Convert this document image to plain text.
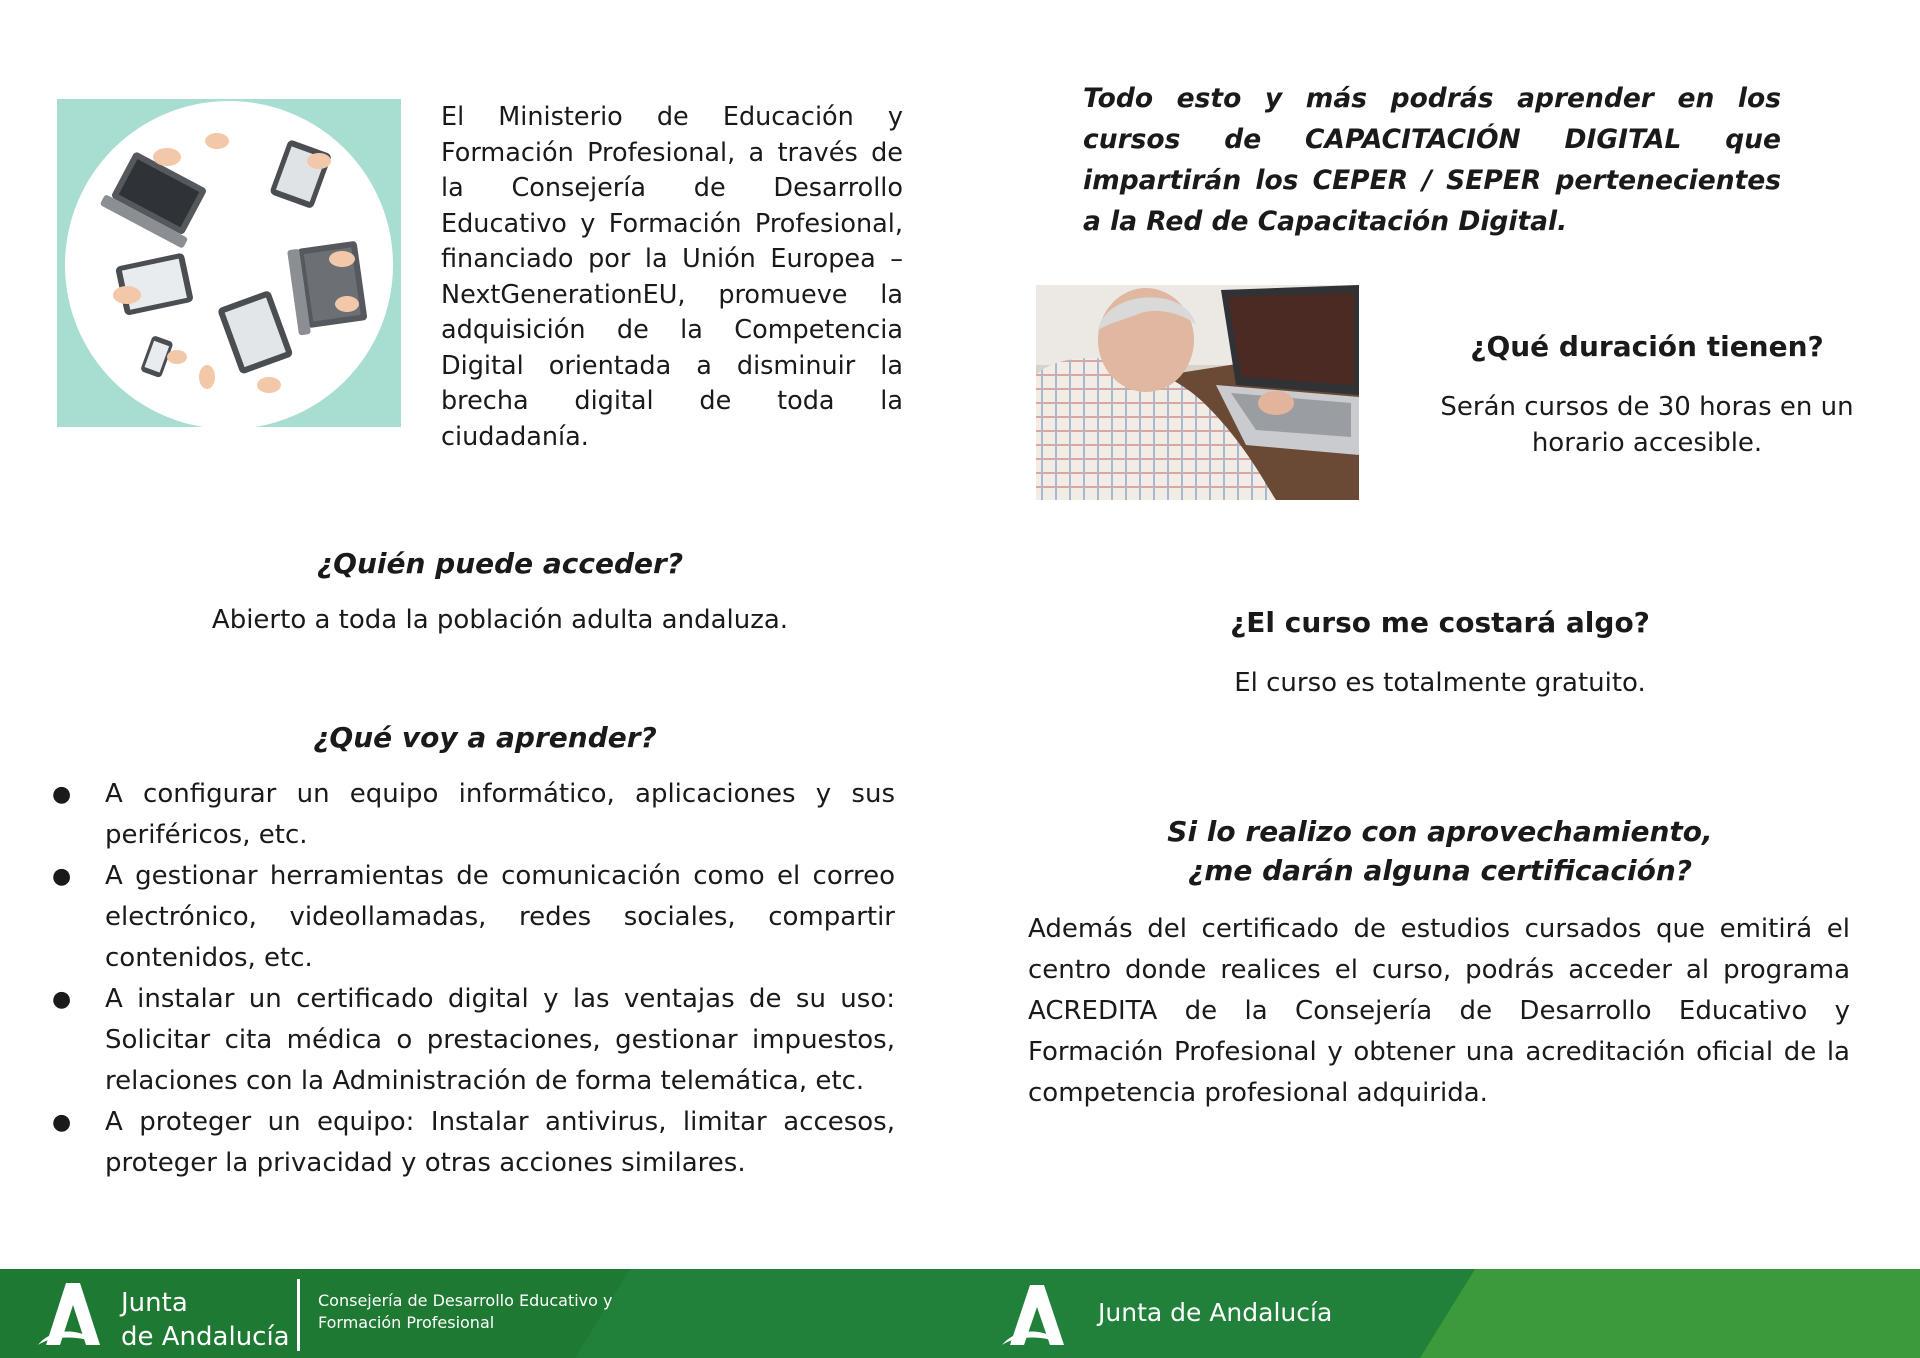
El Ministerio de Educación y Formación Profesional, a través de la Consejería de Desarrollo Educativo y Formación Profesional, financiado por la Unión Europea – NextGenerationEU, promueve la adquisición de la Competencia Digital orientada a disminuir la brecha digital de toda la ciudadanía.

¿Quién puede acceder?
Abierto a toda la población adulta andaluza.
¿Qué voy a aprender?
● A configurar un equipo informático, aplicaciones y sus periféricos, etc.
● A gestionar herramientas de comunicación como el correo electrónico, videollamadas, redes sociales, compartir contenidos, etc.
● A instalar un certificado digital y las ventajas de su uso: Solicitar cita médica o prestaciones, gestionar impuestos, relaciones con la Administración de forma telemática, etc.
● A proteger un equipo: Instalar antivirus, limitar accesos, proteger la privacidad y otras acciones similares.
Todo esto y más podrás aprender en los cursos de CAPACITACIÓN DIGITAL que impartirán los CEPER / SEPER pertenecientes a la Red de Capacitación Digital.
¿Qué duración tienen?
Serán cursos de 30 horas en un
horario accesible.
¿El curso me costará algo?
El curso es totalmente gratuito.
Si lo realizo con aprovechamiento,
¿me darán alguna certificación?

Además del certificado de estudios cursados que emitirá el centro donde realices el curso, podrás acceder al programa ACREDITA de la Consejería de Desarrollo Educativo y Formación Profesional y obtener una acreditación oficial de la competencia profesional adquirida.

Junta
de Andalucía
Consejería de Desarrollo Educativo y
Formación Profesional	Junta de Andalucía
